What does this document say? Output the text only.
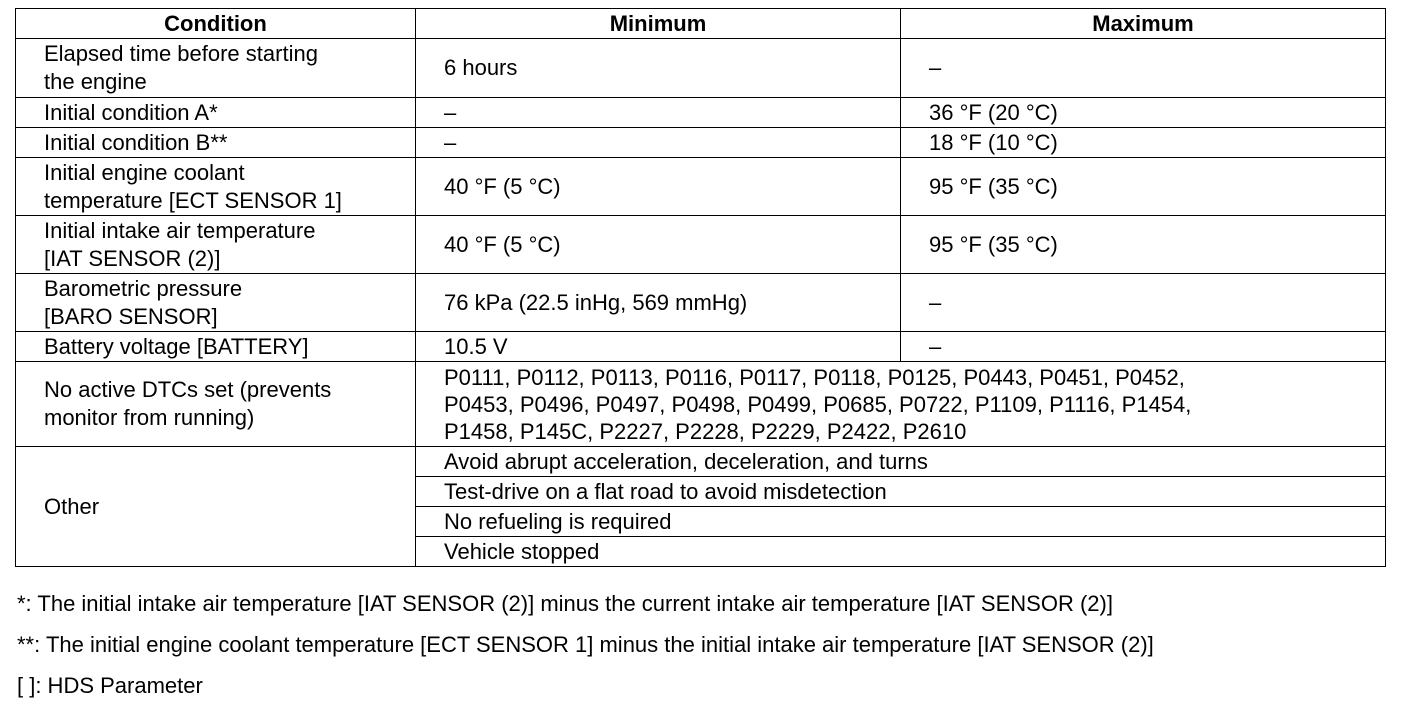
Condition	Minimum	Maximum
Elapsed time before starting
the engine	6 hours	–
Initial condition A*	–	36 °F (20 °C)
Initial condition B**	–	18 °F (10 °C)
Initial engine coolant
temperature [ECT SENSOR 1]	40 °F (5 °C)	95 °F (35 °C)
Initial intake air temperature
[IAT SENSOR (2)]	40 °F (5 °C)	95 °F (35 °C)
Barometric pressure
[BARO SENSOR]	76 kPa (22.5 inHg, 569 mmHg)	–
Battery voltage [BATTERY]	10.5 V	–
No active DTCs set (prevents
monitor from running)	P0111, P0112, P0113, P0116, P0117, P0118, P0125, P0443, P0451, P0452,
P0453, P0496, P0497, P0498, P0499, P0685, P0722, P1109, P1116, P1454,
P1458, P145C, P2227, P2228, P2229, P2422, P2610	
Other	Avoid abrupt acceleration, deceleration, and turns	
	Test-drive on a flat road to avoid misdetection	
	No refueling is required	
	Vehicle stopped	
*: The initial intake air temperature [IAT SENSOR (2)] minus the current intake air temperature [IAT SENSOR (2)]
**: The initial engine coolant temperature [ECT SENSOR 1] minus the initial intake air temperature [IAT SENSOR (2)]
[ ]: HDS Parameter
